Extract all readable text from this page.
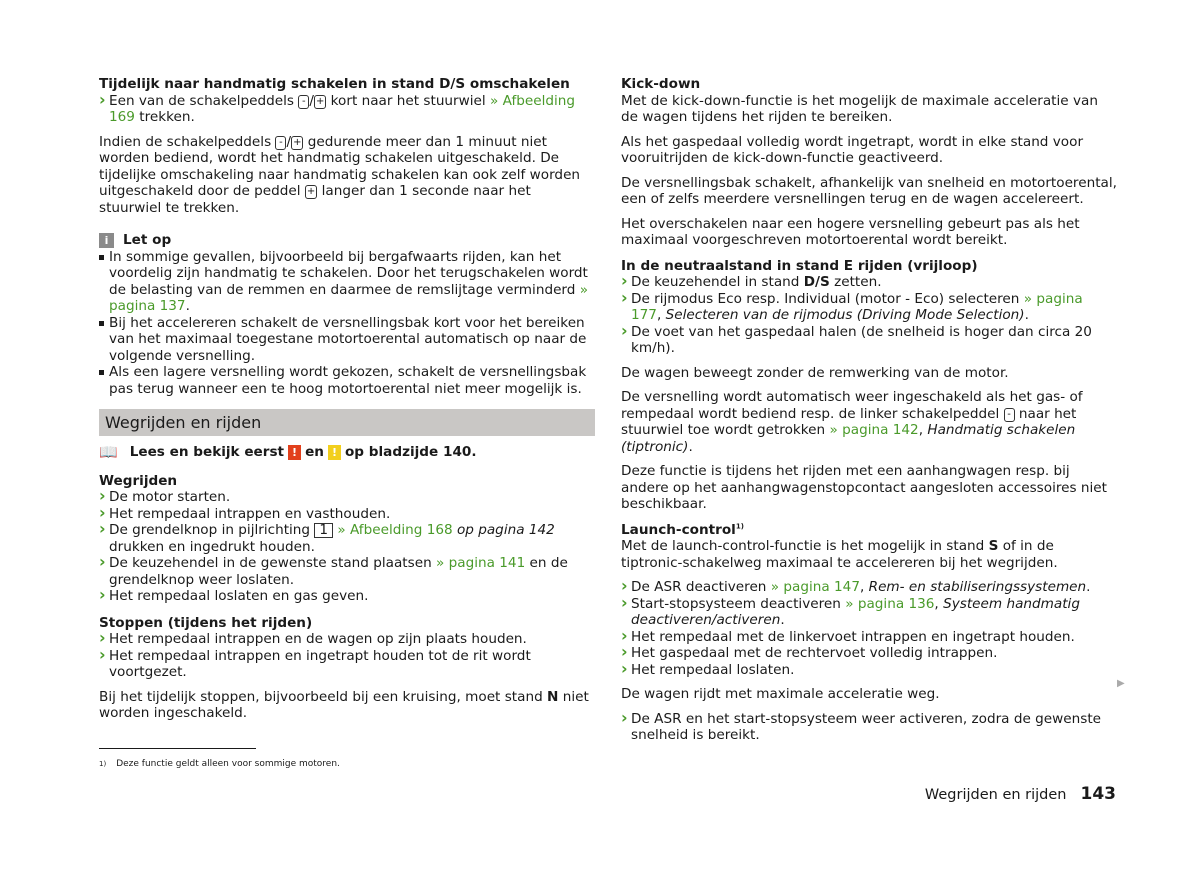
Tijdelijk naar handmatig schakelen in stand D/S omschakelen

› Een van de schakelpeddels - / + kort naar het stuurwiel » Afbeelding 169 trekken.

Indien de schakelpeddels - / + gedurende meer dan 1 minuut niet worden bediend, wordt het handmatig schakelen uitgeschakeld. De tijdelijke omschakeling naar handmatig schakelen kan ook zelf worden uitgeschakeld door de peddel + langer dan 1 seconde naar het stuurwiel te trekken.

i	Let op

In sommige gevallen, bijvoorbeeld bij bergafwaarts rijden, kan het voordelig zijn handmatig te schakelen. Door het terugschakelen wordt de belasting van de remmen en daarmee de remslijtage verminderd » pagina 137.

Bij het accelereren schakelt de versnellingsbak kort voor het bereiken van het maximaal toegestane motortoerental automatisch op naar de volgende versnelling.

Als een lagere versnelling wordt gekozen, schakelt de versnellingsbak pas terug wanneer een te hoog motortoerental niet meer mogelijk is.

Wegrijden en rijden
📖 Lees en bekijk eerst ! en ! op bladzijde 140.

Wegrijden

› De motor starten.

› Het rempedaal intrappen en vasthouden.

› De grendelknop in pijlrichting 1 » Afbeelding 168 op pagina 142 drukken en ingedrukt houden.

› De keuzehendel in de gewenste stand plaatsen » pagina 141 en de grendelknop weer loslaten.

› Het rempedaal loslaten en gas geven.

Stoppen (tijdens het rijden)

› Het rempedaal intrappen en de wagen op zijn plaats houden.

› Het rempedaal intrappen en ingetrapt houden tot de rit wordt voortgezet.

Bij het tijdelijk stoppen, bijvoorbeeld bij een kruising, moet stand N niet worden ingeschakeld.

Kick-down

Met de kick-down-functie is het mogelijk de maximale acceleratie van de wagen tijdens het rijden te bereiken.

Als het gaspedaal volledig wordt ingetrapt, wordt in elke stand voor vooruitrijden de kick-down-functie geactiveerd.

De versnellingsbak schakelt, afhankelijk van snelheid en motortoerental, een of zelfs meerdere versnellingen terug en de wagen accelereert.

Het overschakelen naar een hogere versnelling gebeurt pas als het maximaal voorgeschreven motortoerental wordt bereikt.

In de neutraalstand in stand E rijden (vrijloop)

› De keuzehendel in stand D/S zetten.

› De rijmodus Eco resp. Individual (motor - Eco) selecteren » pagina 177, Selecteren van de rijmodus (Driving Mode Selection).

› De voet van het gaspedaal halen (de snelheid is hoger dan circa 20 km/h).

De wagen beweegt zonder de remwerking van de motor.

De versnelling wordt automatisch weer ingeschakeld als het gas- of rempedaal wordt bediend resp. de linker schakelpeddel - naar het stuurwiel toe wordt getrokken » pagina 142, Handmatig schakelen (tiptronic).

Deze functie is tijdens het rijden met een aanhangwagen resp. bij andere op het aanhangwagenstopcontact aangesloten accessoires niet beschikbaar.

Launch-control$^{1)}$

Met de launch-control-functie is het mogelijk in stand S of in de tiptronic-schakelweg maximaal te accelereren bij het wegrijden.

› De ASR deactiveren » pagina 147, Rem- en stabiliseringssystemen.

› Start-stopsysteem deactiveren » pagina 136, Systeem handmatig deactiveren/activeren.

› Het rempedaal met de linkervoet intrappen en ingetrapt houden.

› Het gaspedaal met de rechtervoet volledig intrappen.

› Het rempedaal loslaten.

De wagen rijdt met maximale acceleratie weg.

› De ASR en het start-stopsysteem weer activeren, zodra de gewenste snelheid is bereikt.

▶
$^{1)}$ Deze functie geldt alleen voor sommige motoren.
Wegrijden en rijden 143
